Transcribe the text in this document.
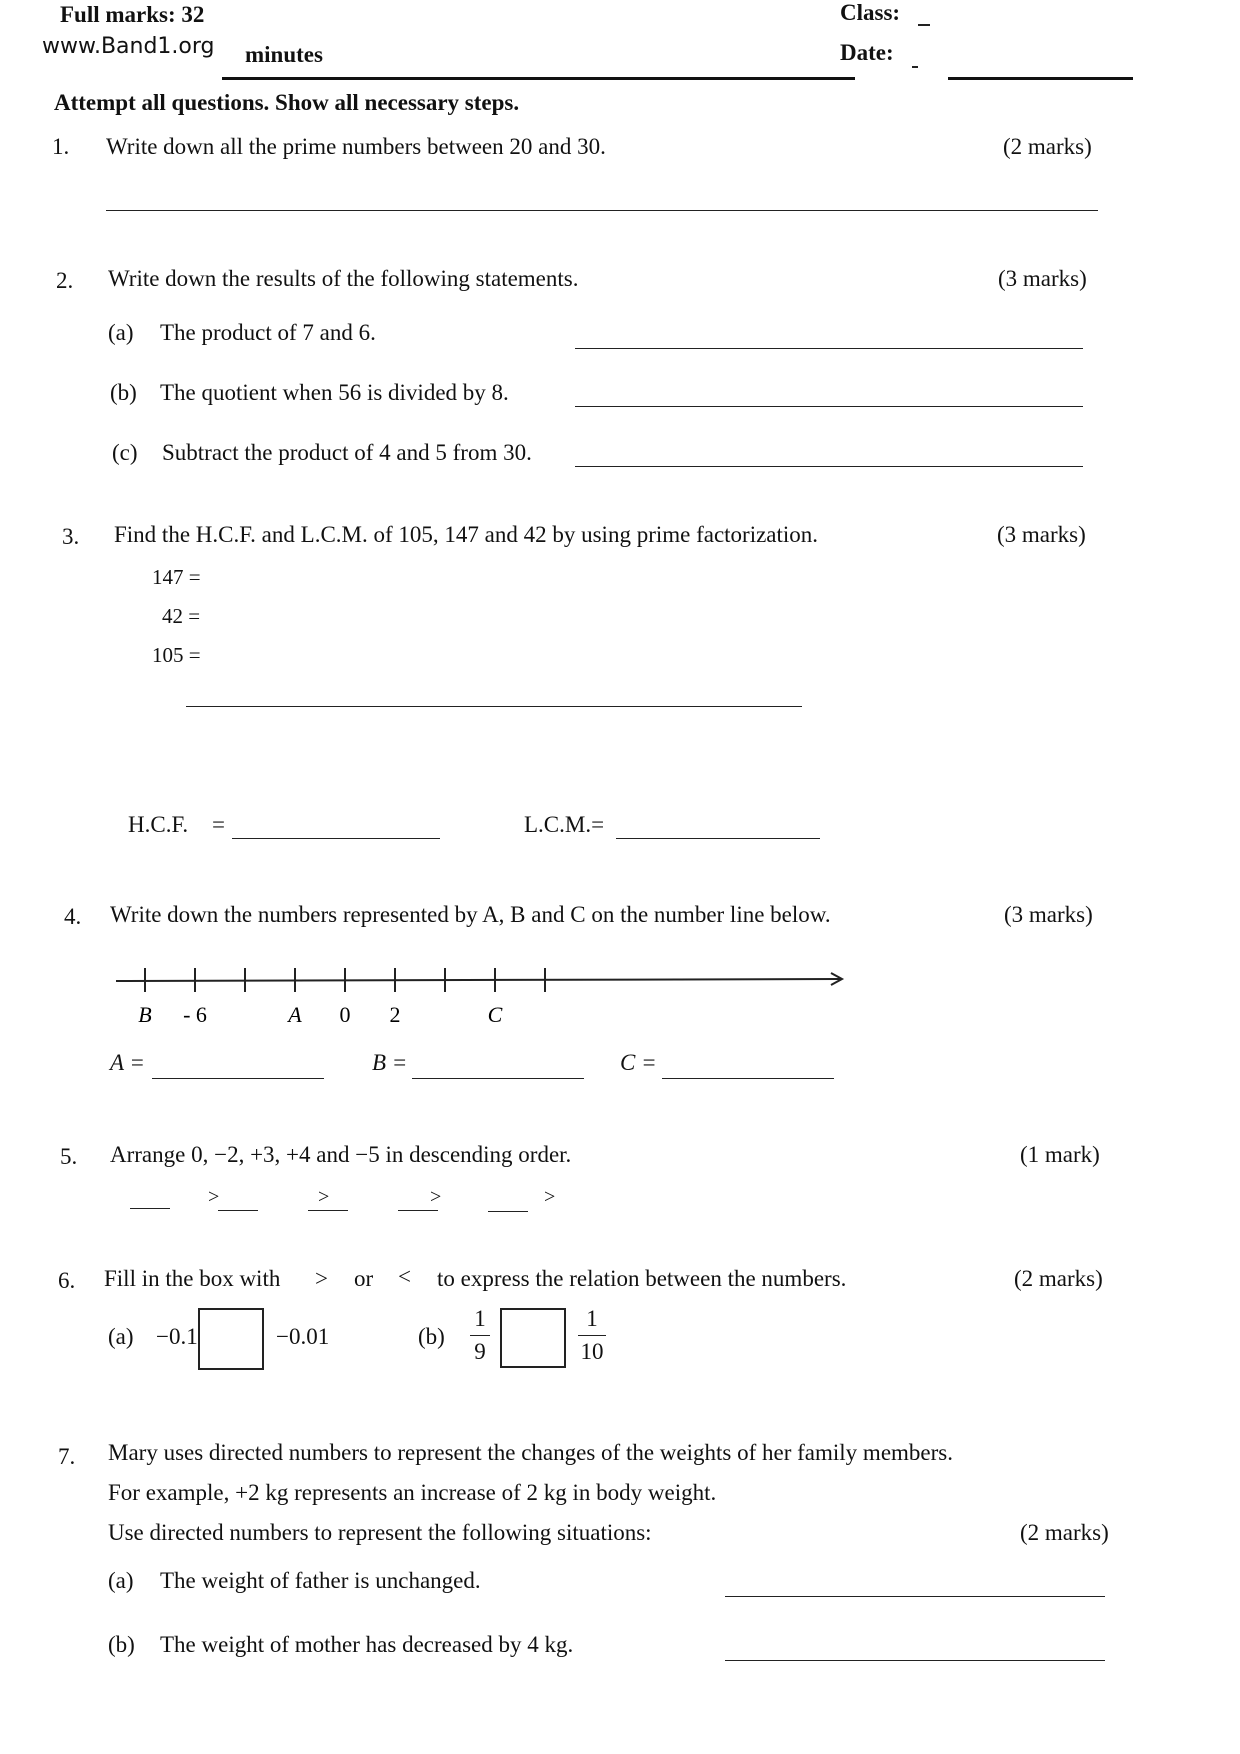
Full marks: 32
minutes
www.Band1.org
Class:
Date:
Attempt all questions. Show all necessary steps.
1. Write down all the prime numbers between 20 and 30.	(2 marks)
2. Write down the results of the following statements.	(3 marks)
(a) The product of 7 and 6.
(b) The quotient when 56 is divided by 8.
(c) Subtract the product of 4 and 5 from 30.
3. Find the H.C.F. and L.C.M. of 105, 147 and 42 by using prime factorization.	(3 marks)
147 =
42 =
105 =
H.C.F. =	L.C.M.=
4. Write down the numbers represented by A, B and C on the number line below.	(3 marks)
B - 6	A 0 2	C
A =	B =	C =
5. Arrange 0, −2, +3, +4 and −5 in descending order.	(1 mark)
>	>	>	>
6. Fill in the box with > or < to express the relation between the numbers.	(2 marks)
(a) −0.1	−0.01	(b)
1
9
1
10
7. Mary uses directed numbers to represent the changes of the weights of her family members.
For example, +2 kg represents an increase of 2 kg in body weight.
Use directed numbers to represent the following situations:	(2 marks)
(a) The weight of father is unchanged.
(b) The weight of mother has decreased by 4 kg.
